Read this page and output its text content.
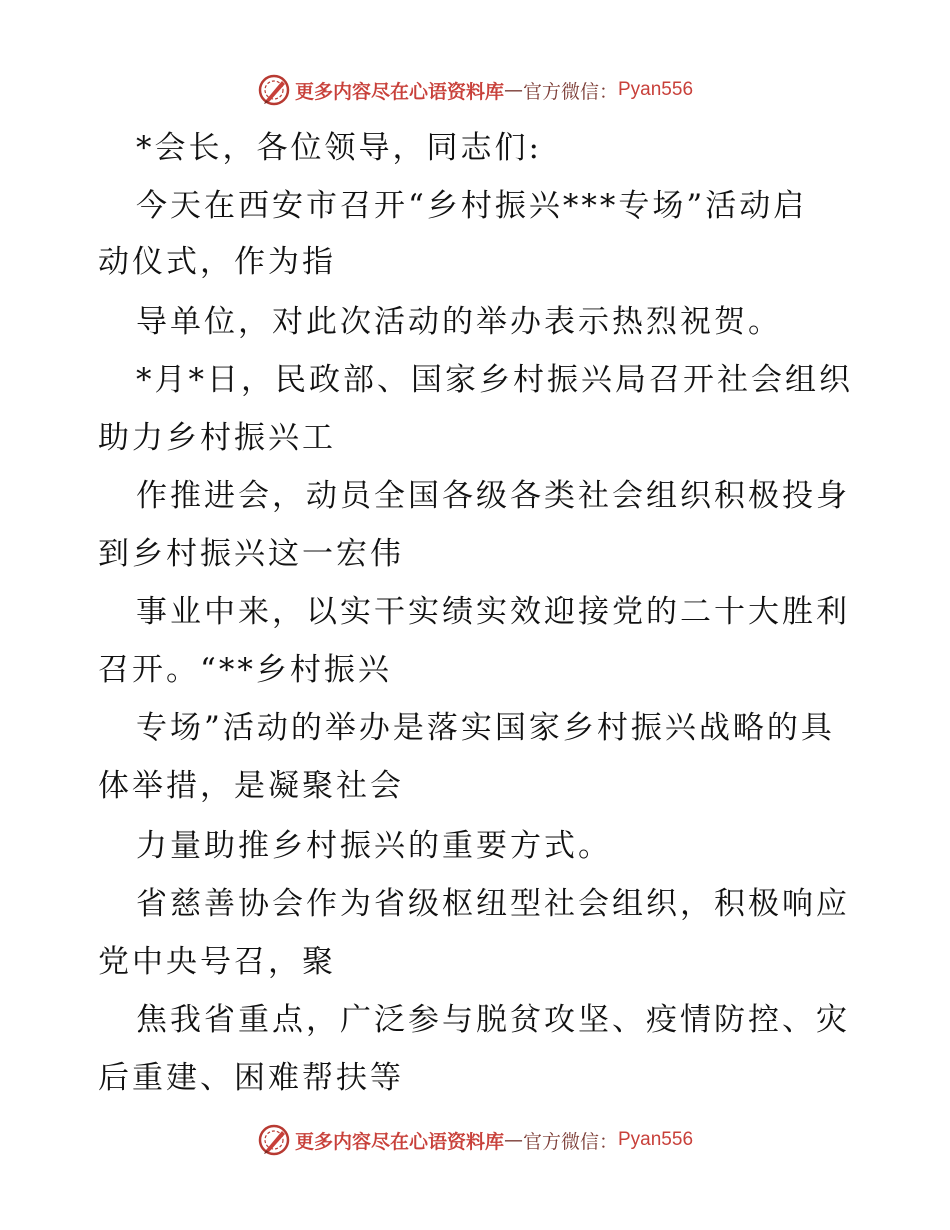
更多内容尽在心语资料库 — 官方微信： Pyan556
*会长，各位领导，同志们:
今天在西安市召开“乡村振兴***专场”活动启
动仪式，作为指
导单位，对此次活动的举办表示热烈祝贺。
*月*日，民政部、国家乡村振兴局召开社会组织
助力乡村振兴工
作推进会，动员全国各级各类社会组织积极投身
到乡村振兴这一宏伟
事业中来，以实干实绩实效迎接党的二十大胜利
召开。“**乡村振兴
专场”活动的举办是落实国家乡村振兴战略的具
体举措，是凝聚社会
力量助推乡村振兴的重要方式。
省慈善协会作为省级枢纽型社会组织，积极响应
党中央号召，聚
焦我省重点，广泛参与脱贫攻坚、疫情防控、灾
后重建、困难帮扶等
更多内容尽在心语资料库 — 官方微信： Pyan556
